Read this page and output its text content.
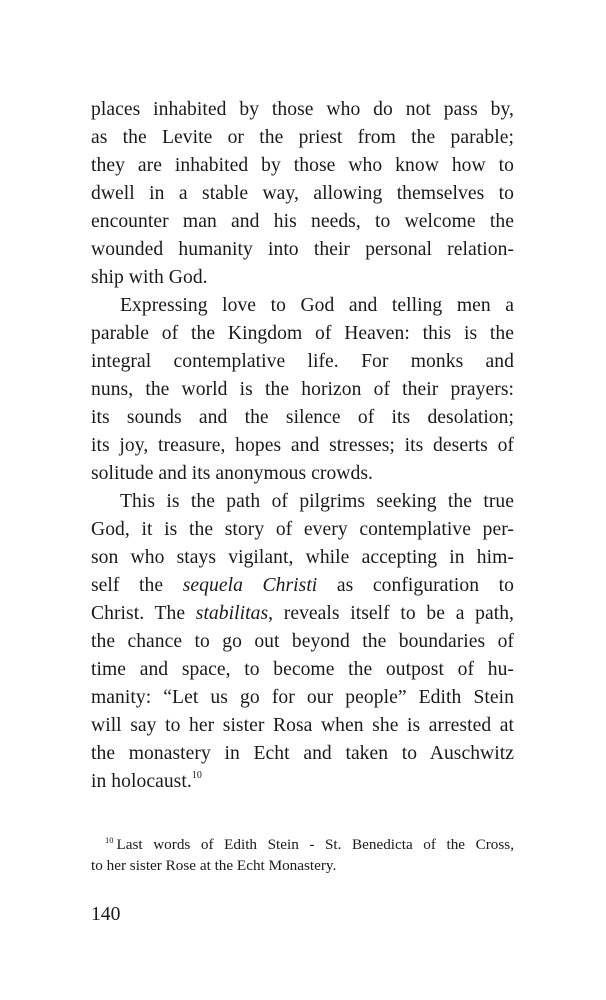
places inhabited by those who do not pass by,
as the Levite or the priest from the parable;
they are inhabited by those who know how to
dwell in a stable way, allowing themselves to
encounter man and his needs, to welcome the
wounded humanity into their personal relation-
ship with God.
Expressing love to God and telling men a
parable of the Kingdom of Heaven: this is the
integral contemplative life. For monks and
nuns, the world is the horizon of their prayers:
its sounds and the silence of its desolation;
its joy, treasure, hopes and stresses; its deserts of
solitude and its anonymous crowds.
This is the path of pilgrims seeking the true
God, it is the story of every contemplative per-
son who stays vigilant, while accepting in him-
self the sequela Christi as configuration to
Christ. The stabilitas, reveals itself to be a path,
the chance to go out beyond the boundaries of
time and space, to become the outpost of hu-
manity: “Let us go for our people” Edith Stein
will say to her sister Rosa when she is arrested at
the monastery in Echt and taken to Auschwitz
in holocaust.$^{10}$
$^{10}$ Last words of Edith Stein - St. Benedicta of the Cross,
to her sister Rose at the Echt Monastery.
140
